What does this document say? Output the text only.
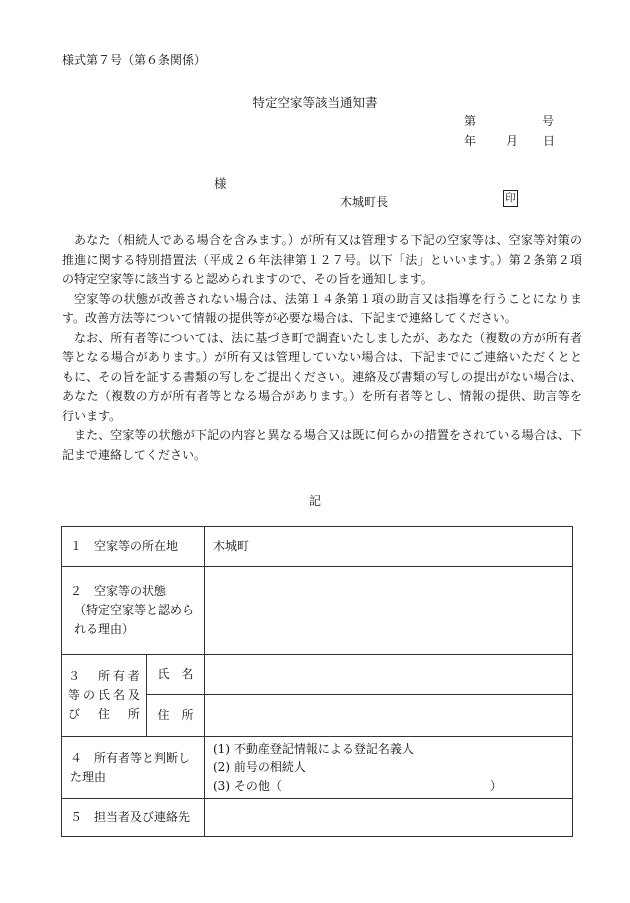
様式第７号（第６条関係）
特定空家等該当通知書
第	号
年 月 日
様
木城町長	印

あなた（相続人である場合を含みます。）が所有又は管理する下記の空家等は、空家等対策の推進に関する特別措置法（平成２６年法律第１２７号。以下「法」といいます。）第２条第２項の特定空家等に該当すると認められますので、その旨を通知します。

空家等の状態が改善されない場合は、法第１４条第１項の助言又は指導を行うことになります。改善方法等について情報の提供等が必要な場合は、下記まで連絡してください。

なお、所有者等については、法に基づき町で調査いたしましたが、あなた（複数の方が所有者等となる場合があります。）が所有又は管理していない場合は、下記までにご連絡いただくとともに、その旨を証する書類の写しをご提出ください。連絡及び書類の写しの提出がない場合は、あなた（複数の方が所有者等となる場合があります。）を所有者等とし、情報の提供、助言等を行います。

また、空家等の状態が下記の内容と異なる場合又は既に何らかの措置をされている場合は、下記まで連絡してください。

記
１　空家等の所在地		木城町

２　空家等の状態
（特定空家等と認められる理由）		

３　所有者等の氏名及び住所	氏　名	
	住　所	
４　所有者等と判断した理由		(1) 不動産登記情報による登記名義人
(2) 前号の相続人
(3) その他（ ）

５　担当者及び連絡先		
